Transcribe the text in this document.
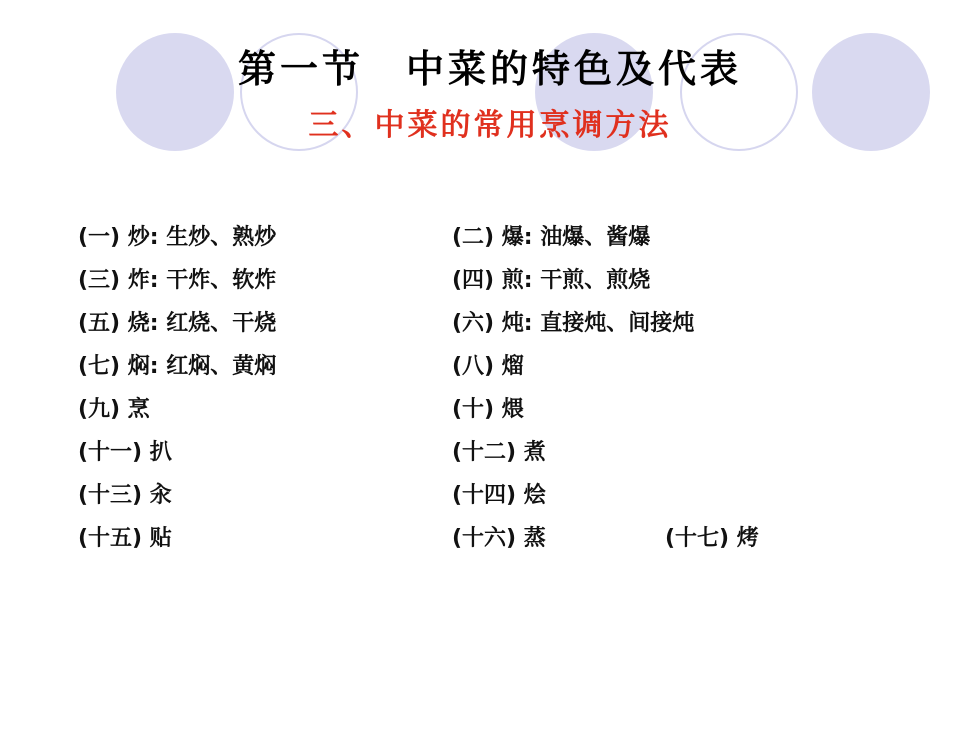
第一节　中菜的特色及代表
三、中菜的常用烹调方法
(一) 炒: 生炒、熟炒	(二) 爆: 油爆、酱爆
(三) 炸: 干炸、软炸	(四) 煎: 干煎、煎烧
(五) 烧: 红烧、干烧	(六) 炖: 直接炖、间接炖
(七) 焖: 红焖、黄焖	(八) 熘
(九) 烹	(十) 煨
(十一) 扒	(十二) 煮
(十三) 汆	(十四) 烩
(十五) 贴	(十六) 蒸	(十七) 烤
